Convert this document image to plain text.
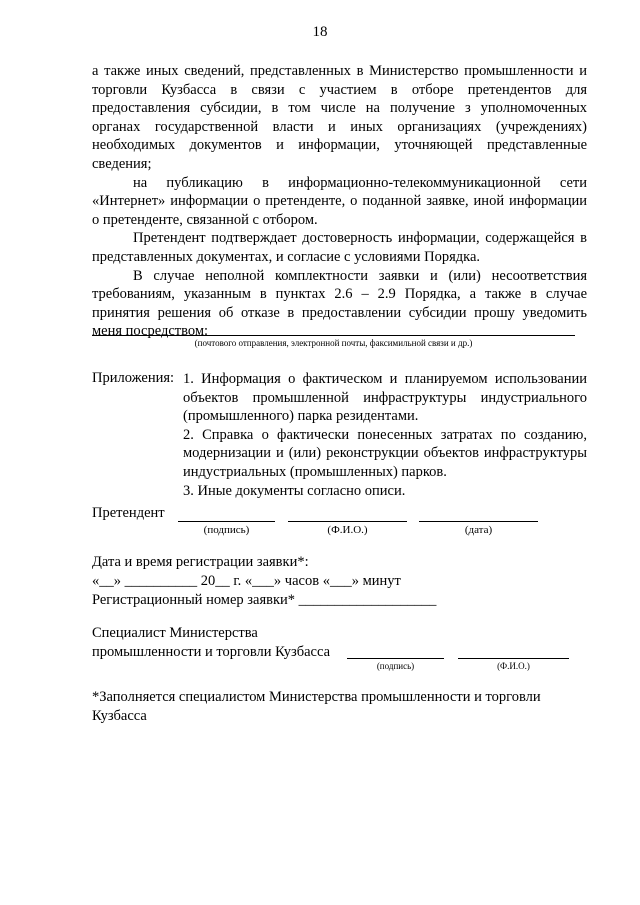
18

а также иных сведений, представленных в Министерство промышленности и торговли Кузбасса в связи с участием в отборе претендентов для предоставления субсидии, в том числе на получение з уполномоченных органах государственной власти и иных организациях (учреждениях) необходимых документов и информации, уточняющей представленные сведения;

на публикацию в информационно-телекоммуникационной сети «Интернет» информации о претенденте, о поданной заявке, иной информации о претенденте, связанной с отбором.

Претендент подтверждает достоверность информации, содержащейся в представленных документах, и согласие с условиями Порядка.

В случае неполной комплектности заявки и (или) несоответствия требованиям, указанным в пунктах 2.6 – 2.9 Порядка, а также в случае принятия решения об отказе в предоставлении субсидии прошу уведомить меня посредством:

(почтового отправления, электронной почты, факсимильной связи и др.)
Приложения: 1. Информация о фактическом и планируемом использовании объектов промышленной инфраструктуры индустриального (промышленного) парка резидентами.

2. Справка о фактически понесенных затратах по созданию, модернизации и (или) реконструкции объектов инфраструктуры индустриальных (промышленных) парков.

3. Иные документы согласно описи.

Претендент
(подпись)	(Ф.И.О.)	(дата)
Дата и время регистрации заявки*:
«__» __________ 20__ г. «___» часов «___» минут
Регистрационный номер заявки* ___________________
Специалист Министерства
промышленности и торговли Кузбасса
(подпись)	(Ф.И.О.)
*Заполняется специалистом Министерства промышленности и торговли Кузбасса
